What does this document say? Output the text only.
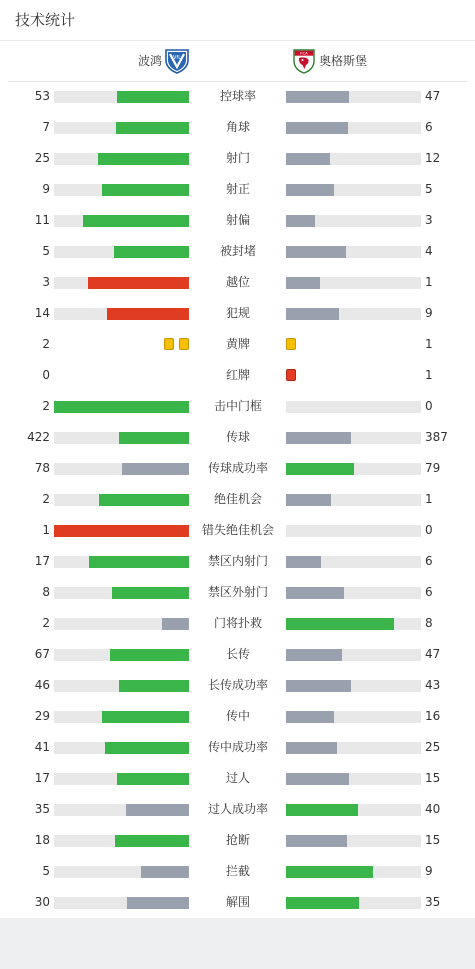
技术统计
波鸿 VfL
FCA
奥格斯堡
53	控球率	47
7	角球	6
25	射门	12
9	射正	5
11	射偏	3
5	被封堵	4
3	越位	1
14	犯规	9
2	黄牌	1
0	红牌	1
2	击中门框	0
422	传球	387
78	传球成功率	79
2	绝佳机会	1
1	错失绝佳机会	0
17	禁区内射门	6
8	禁区外射门	6
2	门将扑救	8
67	长传	47
46	长传成功率	43
29	传中	16
41	传中成功率	25
17	过人	15
35	过人成功率	40
18	抢断	15
5	拦截	9
30	解围	35
